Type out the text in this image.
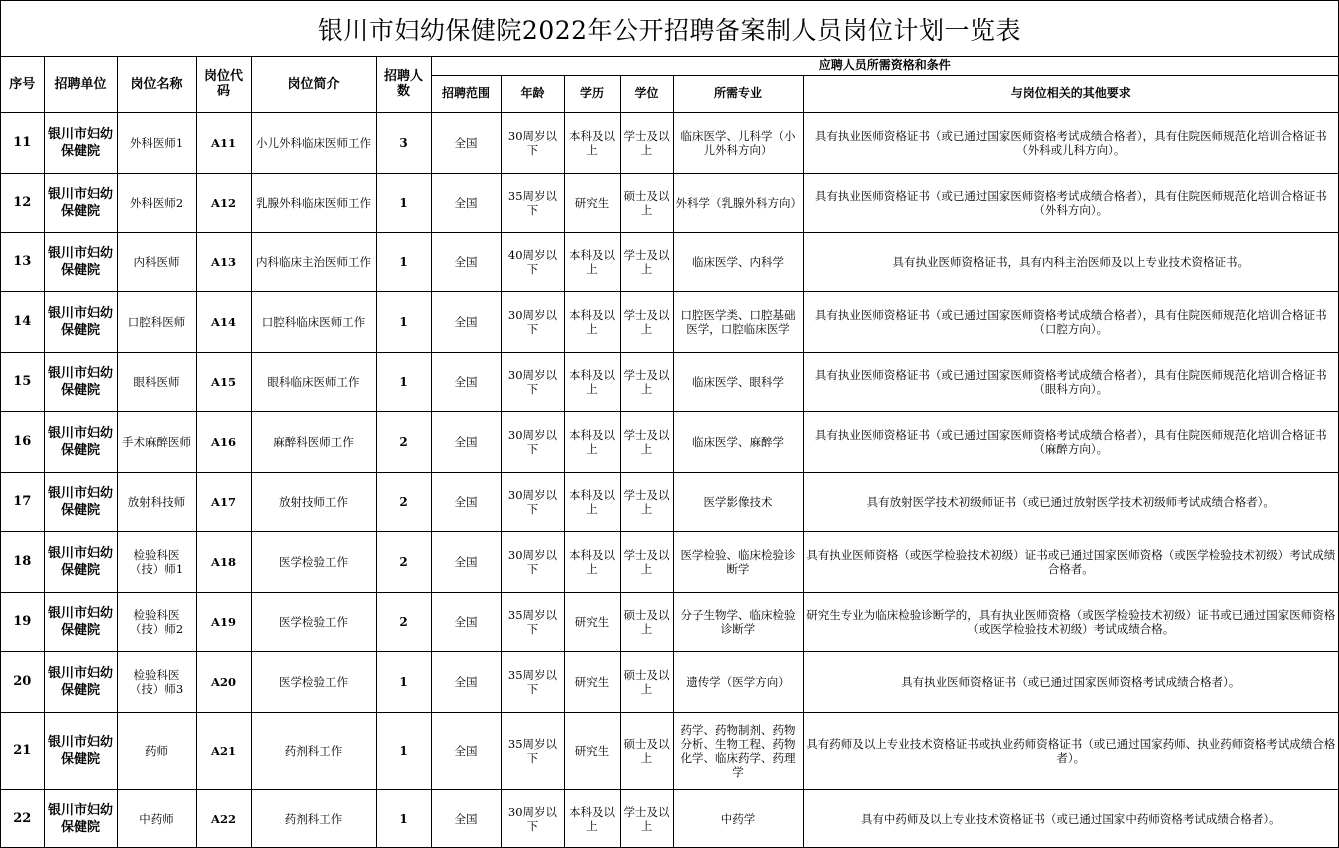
银川市妇幼保健院2022年公开招聘备案制人员岗位计划一览表
序号	招聘单位	岗位名称	岗位代码	岗位简介	招聘人数	应聘人员所需资格和条件					
						招聘范围	年龄	学历	学位	所需专业	与岗位相关的其他要求
11	银川市妇幼保健院	外科医师1	A11	小儿外科临床医师工作	3	全国	30周岁以下	本科及以上	学士及以上	临床医学、儿科学（小儿外科方向）	具有执业医师资格证书（或已通过国家医师资格考试成绩合格者），具有住院医师规范化培训合格证书（外科或儿科方向）。
12	银川市妇幼保健院	外科医师2	A12	乳腺外科临床医师工作	1	全国	35周岁以下	研究生	硕士及以上	外科学（乳腺外科方向）	具有执业医师资格证书（或已通过国家医师资格考试成绩合格者），具有住院医师规范化培训合格证书（外科方向）。
13	银川市妇幼保健院	内科医师	A13	内科临床主治医师工作	1	全国	40周岁以下	本科及以上	学士及以上	临床医学、内科学	具有执业医师资格证书，具有内科主治医师及以上专业技术资格证书。
14	银川市妇幼保健院	口腔科医师	A14	口腔科临床医师工作	1	全国	30周岁以下	本科及以上	学士及以上	口腔医学类、口腔基础医学，口腔临床医学	具有执业医师资格证书（或已通过国家医师资格考试成绩合格者），具有住院医师规范化培训合格证书（口腔方向）。
15	银川市妇幼保健院	眼科医师	A15	眼科临床医师工作	1	全国	30周岁以下	本科及以上	学士及以上	临床医学、眼科学	具有执业医师资格证书（或已通过国家医师资格考试成绩合格者），具有住院医师规范化培训合格证书（眼科方向）。
16	银川市妇幼保健院	手术麻醉医师	A16	麻醉科医师工作	2	全国	30周岁以下	本科及以上	学士及以上	临床医学、麻醉学	具有执业医师资格证书（或已通过国家医师资格考试成绩合格者），具有住院医师规范化培训合格证书（麻醉方向）。
17	银川市妇幼保健院	放射科技师	A17	放射技师工作	2	全国	30周岁以下	本科及以上	学士及以上	医学影像技术	具有放射医学技术初级师证书（或已通过放射医学技术初级师考试成绩合格者）。
18	银川市妇幼保健院	检验科医（技）师1	A18	医学检验工作	2	全国	30周岁以下	本科及以上	学士及以上	医学检验、临床检验诊断学	具有执业医师资格（或医学检验技术初级）证书或已通过国家医师资格（或医学检验技术初级）考试成绩合格者。
19	银川市妇幼保健院	检验科医（技）师2	A19	医学检验工作	2	全国	35周岁以下	研究生	硕士及以上	分子生物学、临床检验诊断学	研究生专业为临床检验诊断学的，具有执业医师资格（或医学检验技术初级）证书或已通过国家医师资格（或医学检验技术初级）考试成绩合格。
20	银川市妇幼保健院	检验科医（技）师3	A20	医学检验工作	1	全国	35周岁以下	研究生	硕士及以上	遗传学（医学方向）	具有执业医师资格证书（或已通过国家医师资格考试成绩合格者）。
21	银川市妇幼保健院	药师	A21	药剂科工作	1	全国	35周岁以下	研究生	硕士及以上	药学、药物制剂、药物分析、生物工程、药物化学、临床药学、药理学	具有药师及以上专业技术资格证书或执业药师资格证书（或已通过国家药师、执业药师资格考试成绩合格者）。
22	银川市妇幼保健院	中药师	A22	药剂科工作	1	全国	30周岁以下	本科及以上	学士及以上	中药学	具有中药师及以上专业技术资格证书（或已通过国家中药师资格考试成绩合格者）。
